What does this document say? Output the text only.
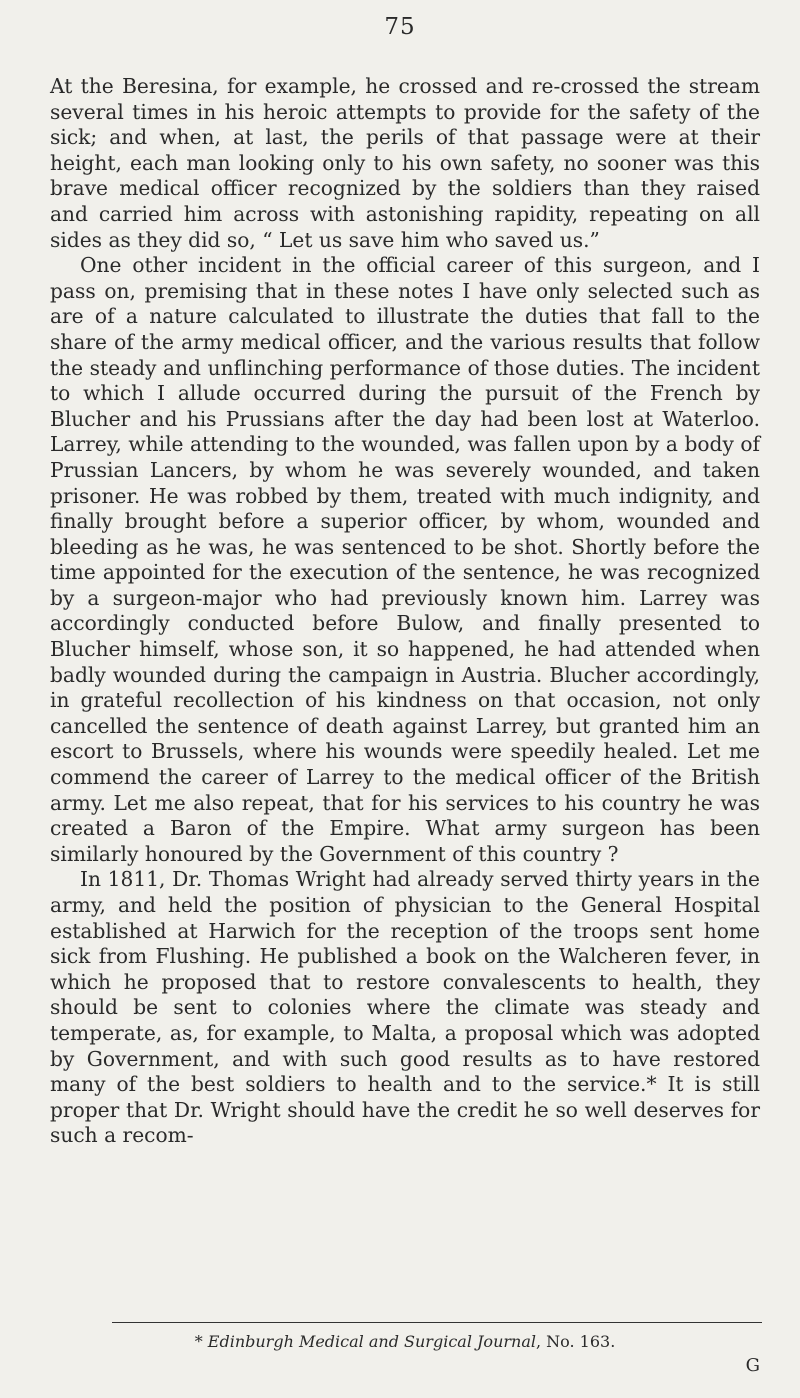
75

At the Beresina, for example, he crossed and re-crossed the stream several times in his heroic attempts to provide for the safety of the sick; and when, at last, the perils of that passage were at their height, each man looking only to his own safety, no sooner was this brave medical officer recognized by the soldiers than they raised and carried him across with astonishing rapidity, repeating on all sides as they did so, “ Let us save him who saved us.”

One other incident in the official career of this surgeon, and I pass on, premising that in these notes I have only selected such as are of a nature calculated to illustrate the duties that fall to the share of the army medical officer, and the various results that follow the steady and unflinching performance of those duties. The incident to which I allude occurred during the pursuit of the French by Blucher and his Prussians after the day had been lost at Waterloo. Larrey, while attending to the wounded, was fallen upon by a body of Prussian Lancers, by whom he was severely wounded, and taken prisoner. He was robbed by them, treated with much indignity, and finally brought before a superior officer, by whom, wounded and bleeding as he was, he was sentenced to be shot. Shortly before the time appointed for the execution of the sentence, he was recognized by a surgeon-major who had previously known him. Larrey was accordingly conducted before Bulow, and finally presented to Blucher himself, whose son, it so happened, he had attended when badly wounded during the campaign in Austria. Blucher accordingly, in grateful recollection of his kindness on that occasion, not only cancelled the sentence of death against Larrey, but granted him an escort to Brussels, where his wounds were speedily healed. Let me commend the career of Larrey to the medical officer of the British army. Let me also repeat, that for his services to his country he was created a Baron of the Empire. What army surgeon has been similarly honoured by the Government of this country ?

In 1811, Dr. Thomas Wright had already served thirty years in the army, and held the position of physician to the General Hospital established at Harwich for the reception of the troops sent home sick from Flushing. He published a book on the Walcheren fever, in which he proposed that to restore convalescents to health, they should be sent to colonies where the climate was steady and temperate, as, for example, to Malta, a proposal which was adopted by Government, and with such good results as to have restored many of the best soldiers to health and to the service.* It is still proper that Dr. Wright should have the credit he so well deserves for such a recom-

* Edinburgh Medical and Surgical Journal, No. 163.
G
